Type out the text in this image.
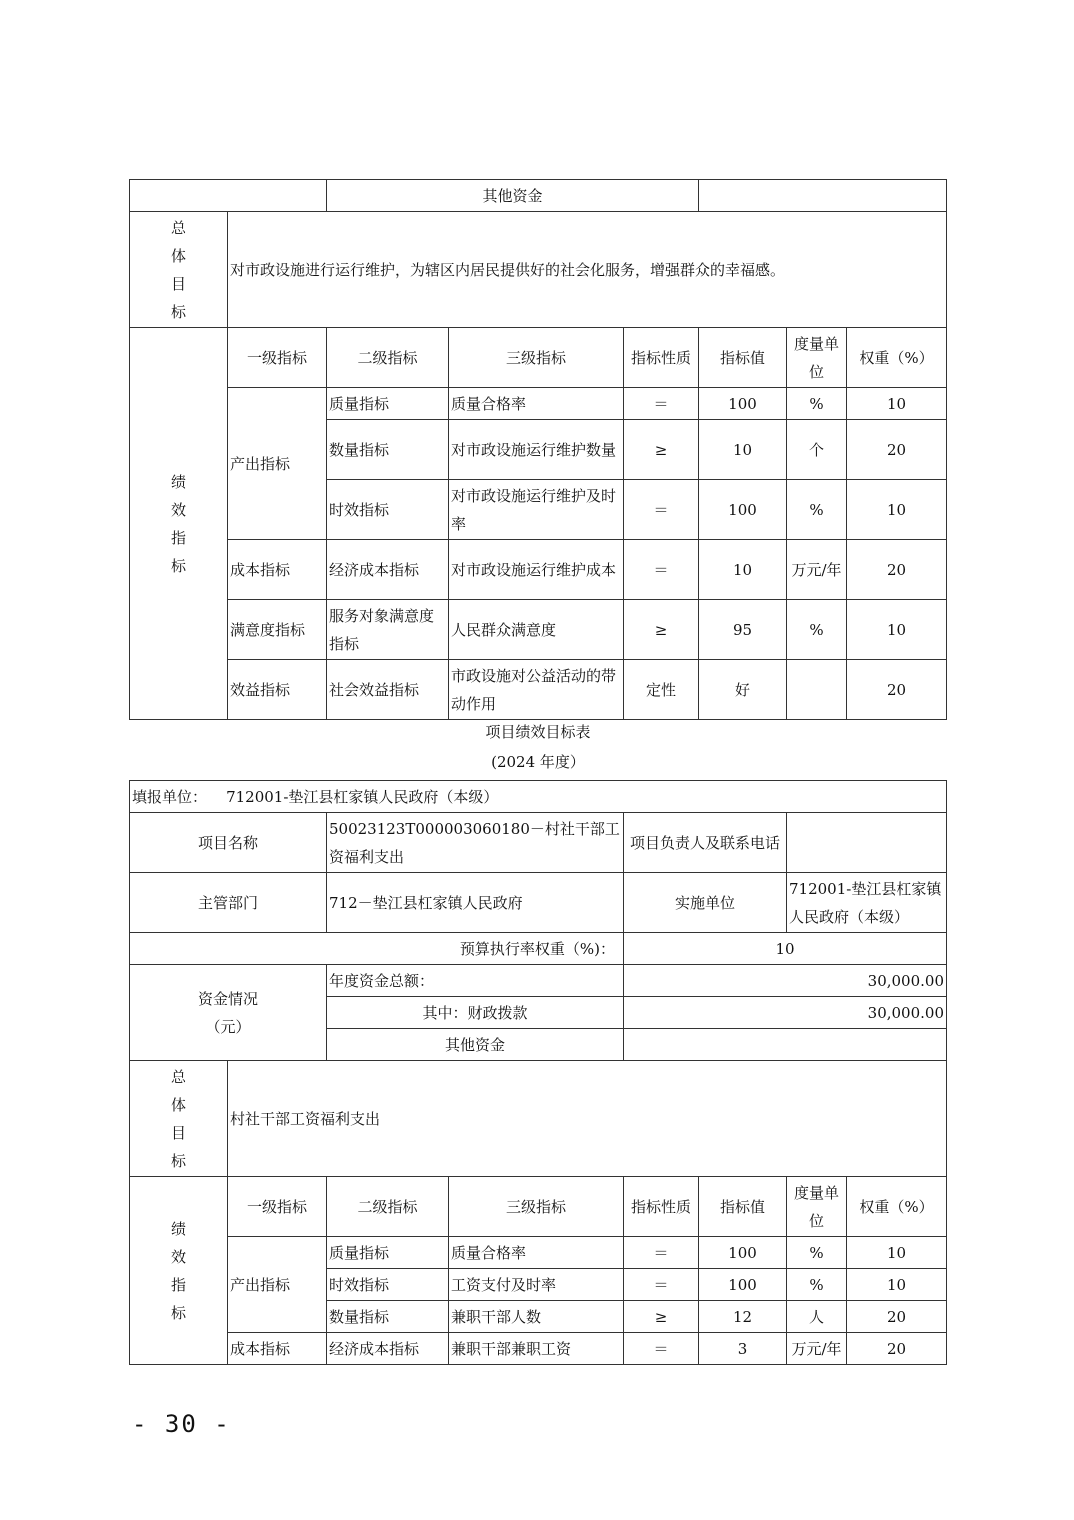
		其他资金					

总
体
目
标	对市政设施进行运行维护，为辖区内居民提供好的社会化服务，增强群众的幸福感。						

绩
效
指
标	一级指标	二级指标	三级指标	指标性质	指标值	度量单位	权重（%）
	产出指标	质量指标	质量合格率	＝	100	%	10
		数量指标	对市政设施运行维护数量	≥	10	个	20
		时效指标	对市政设施运行维护及时率	＝	100	%	10
	成本指标	经济成本指标	对市政设施运行维护成本	＝	10	万元/年	20
	满意度指标	服务对象满意度指标	人民群众满意度	≥	95	%	10
	效益指标	社会效益指标	市政设施对公益活动的带动作用	定性	好		20
项目绩效目标表
(2024 年度）
填报单位： 712001-垫江县杠家镇人民政府（本级）							
项目名称		50023123T000003060180－村社干部工资福利支出		项目负责人及联系电话			
主管部门		712－垫江县杠家镇人民政府		实施单位		712001-垫江县杠家镇人民政府（本级）	
预算执行率权重（%)：				10			

资金情况
（元）		年度资金总额：		30,000.00			
		其中：财政拨款		30,000.00			
		其他资金					

总
体
目
标	村社干部工资福利支出						

绩
效
指
标	一级指标	二级指标	三级指标	指标性质	指标值	度量单位	权重（%）
	产出指标	质量指标	质量合格率	＝	100	%	10
		时效指标	工资支付及时率	＝	100	%	10
		数量指标	兼职干部人数	≥	12	人	20
	成本指标	经济成本指标	兼职干部兼职工资	＝	3	万元/年	20
- 30 -
